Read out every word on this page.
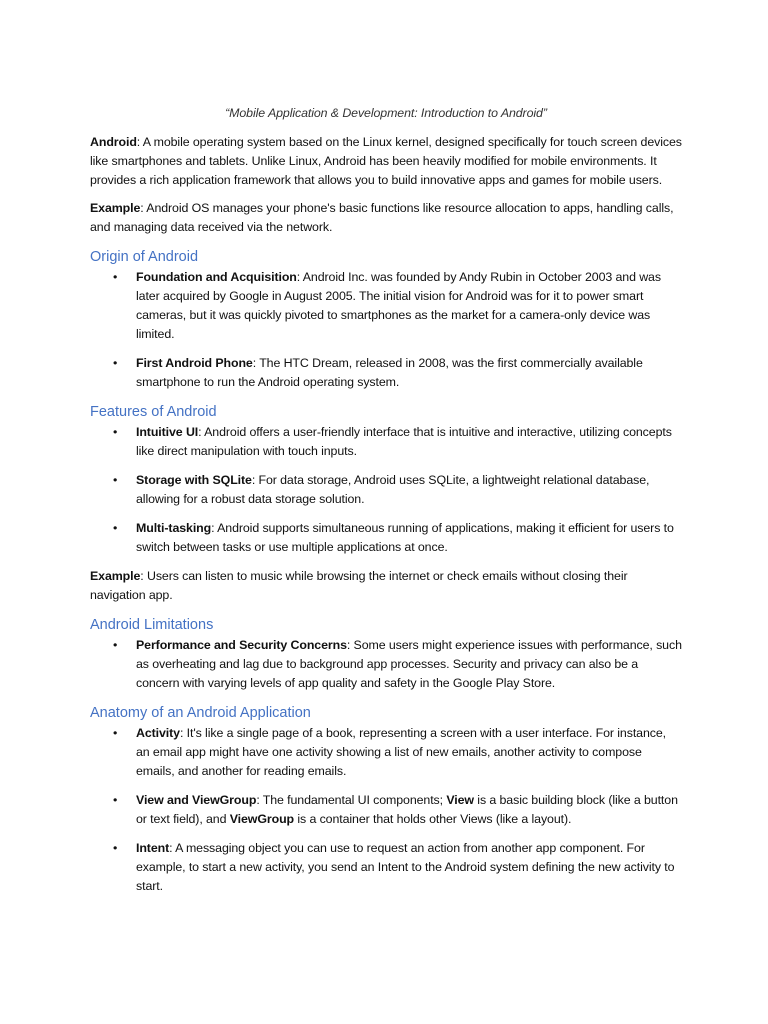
“Mobile Application & Development: Introduction to Android”

Android: A mobile operating system based on the Linux kernel, designed specifically for touch screen devices like smartphones and tablets. Unlike Linux, Android has been heavily modified for mobile environments. It provides a rich application framework that allows you to build innovative apps and games for mobile users.

Example: Android OS manages your phone's basic functions like resource allocation to apps, handling calls, and managing data received via the network.

Origin of Android
• Foundation and Acquisition: Android Inc. was founded by Andy Rubin in October 2003 and was later acquired by Google in August 2005. The initial vision for Android was for it to power smart cameras, but it was quickly pivoted to smartphones as the market for a camera-only device was limited.
• First Android Phone: The HTC Dream, released in 2008, was the first commercially available smartphone to run the Android operating system.
Features of Android
• Intuitive UI: Android offers a user-friendly interface that is intuitive and interactive, utilizing concepts like direct manipulation with touch inputs.
• Storage with SQLite: For data storage, Android uses SQLite, a lightweight relational database, allowing for a robust data storage solution.
• Multi-tasking: Android supports simultaneous running of applications, making it efficient for users to switch between tasks or use multiple applications at once.

Example: Users can listen to music while browsing the internet or check emails without closing their navigation app.

Android Limitations
• Performance and Security Concerns: Some users might experience issues with performance, such as overheating and lag due to background app processes. Security and privacy can also be a concern with varying levels of app quality and safety in the Google Play Store.
Anatomy of an Android Application
• Activity: It's like a single page of a book, representing a screen with a user interface. For instance, an email app might have one activity showing a list of new emails, another activity to compose emails, and another for reading emails.
• View and ViewGroup: The fundamental UI components; View is a basic building block (like a button or text field), and ViewGroup is a container that holds other Views (like a layout).
• Intent: A messaging object you can use to request an action from another app component. For example, to start a new activity, you send an Intent to the Android system defining the new activity to start.
